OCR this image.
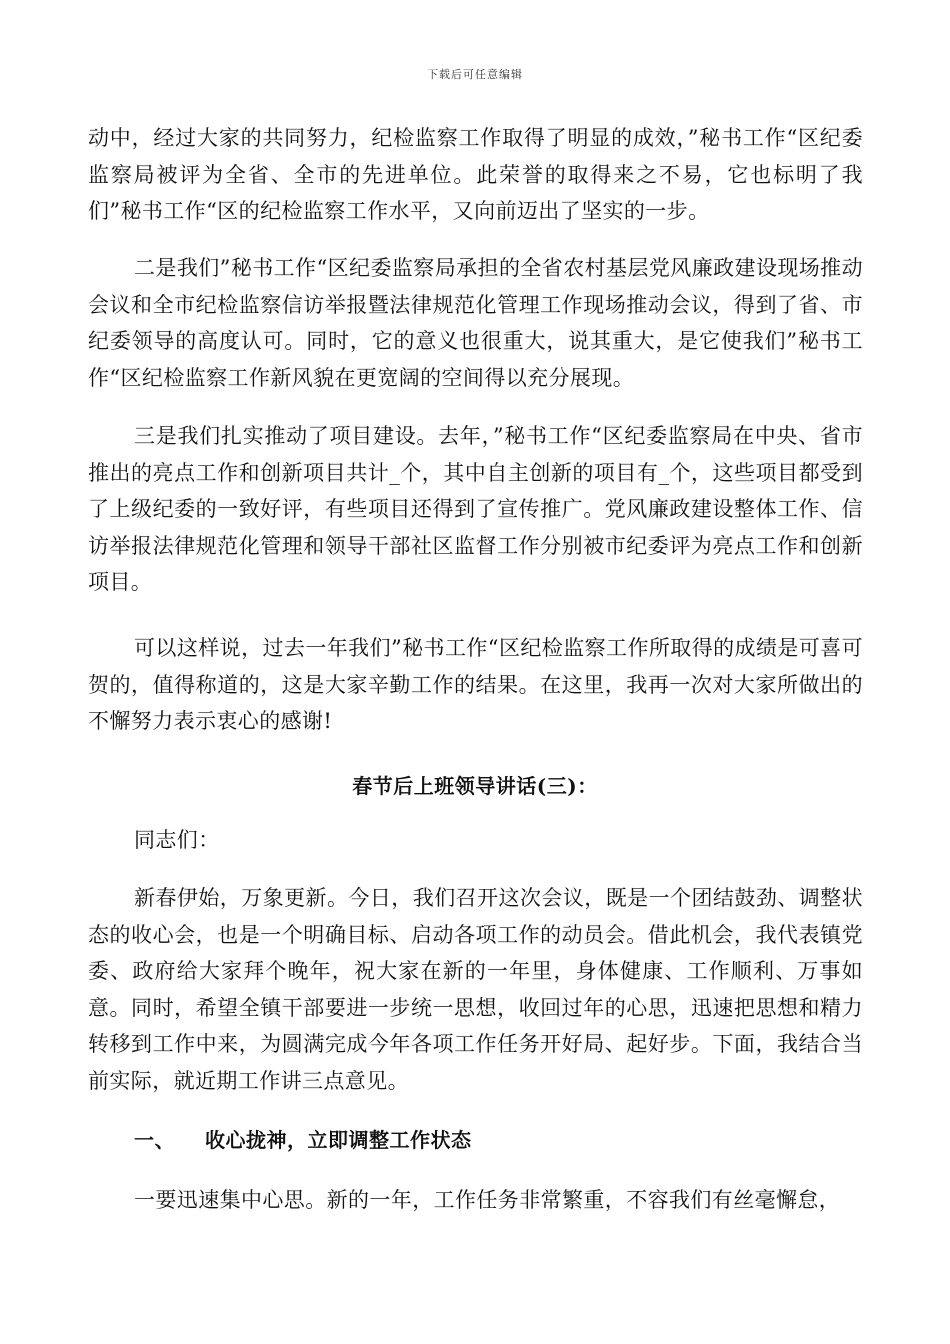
下载后可任意编辑

动中，经过大家的共同努力，纪检监察工作取得了明显的成效，”秘书工作“区纪委监察局被评为全省、全市的先进单位。此荣誉的取得来之不易，它也标明了我们”秘书工作“区的纪检监察工作水平，又向前迈出了坚实的一步。

二是我们”秘书工作“区纪委监察局承担的全省农村基层党风廉政建设现场推动会议和全市纪检监察信访举报暨法律规范化管理工作现场推动会议，得到了省、市纪委领导的高度认可。同时，它的意义也很重大，说其重大，是它使我们”秘书工作“区纪检监察工作新风貌在更宽阔的空间得以充分展现。

三是我们扎实推动了项目建设。去年，”秘书工作“区纪委监察局在中央、省市推出的亮点工作和创新项目共计_个，其中自主创新的项目有_个，这些项目都受到了上级纪委的一致好评，有些项目还得到了宣传推广。党风廉政建设整体工作、信访举报法律规范化管理和领导干部社区监督工作分别被市纪委评为亮点工作和创新项目。

可以这样说，过去一年我们”秘书工作“区纪检监察工作所取得的成绩是可喜可贺的，值得称道的，这是大家辛勤工作的结果。在这里，我再一次对大家所做出的不懈努力表示衷心的感谢!

春节后上班领导讲话(三)：

同志们：

新春伊始，万象更新。今日，我们召开这次会议，既是一个团结鼓劲、调整状态的收心会，也是一个明确目标、启动各项工作的动员会。借此机会，我代表镇党委、政府给大家拜个晚年，祝大家在新的一年里，身体健康、工作顺利、万事如意。同时，希望全镇干部要进一步统一思想，收回过年的心思，迅速把思想和精力转移到工作中来，为圆满完成今年各项工作任务开好局、起好步。下面，我结合当前实际，就近期工作讲三点意见。

一、 收心拢神，立即调整工作状态

一要迅速集中心思。新的一年，工作任务非常繁重，不容我们有丝毫懈怠，
